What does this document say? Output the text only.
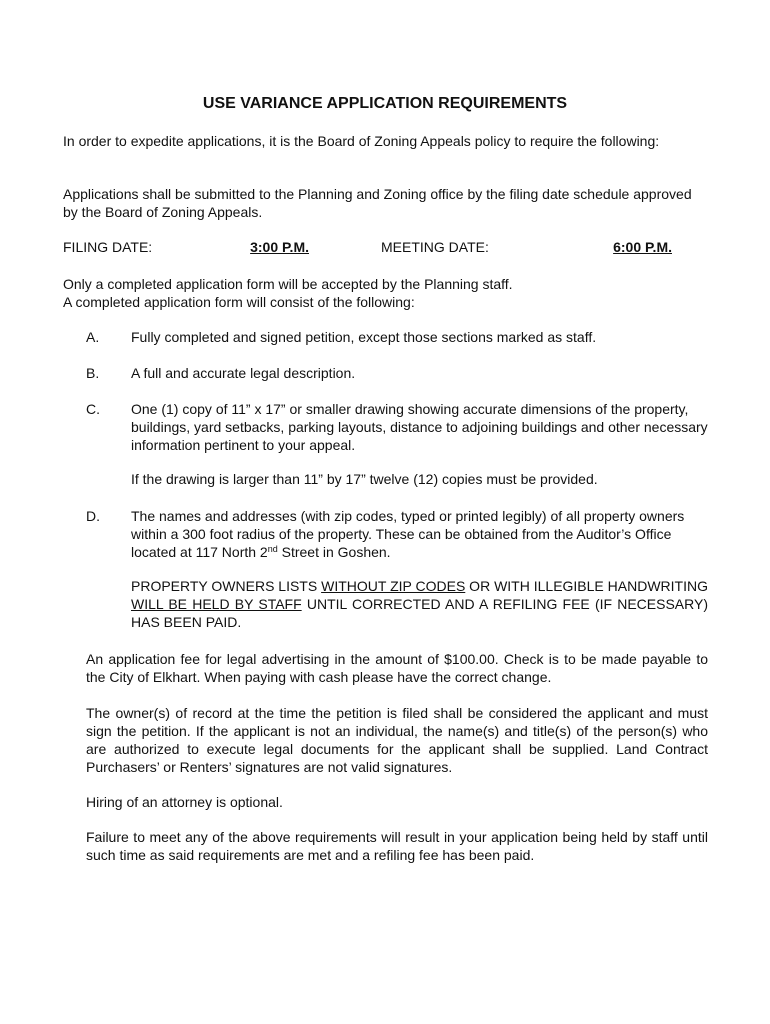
USE VARIANCE APPLICATION REQUIREMENTS

In order to expedite applications, it is the Board of Zoning Appeals policy to require the following:

Applications shall be submitted to the Planning and Zoning office by the filing date schedule approved by the Board of Zoning Appeals.

FILING DATE:	3:00 P.M.	MEETING DATE:	6:00 P.M.

Only a completed application form will be accepted by the Planning staff.

A completed application form will consist of the following:

A. Fully completed and signed petition, except those sections marked as staff.

B. A full and accurate legal description.

C. One (1) copy of 11” x 17” or smaller drawing showing accurate dimensions of the property, buildings, yard setbacks, parking layouts, distance to adjoining buildings and other necessary information pertinent to your appeal.

If the drawing is larger than 11” by 17” twelve (12) copies must be provided.

D. The names and addresses (with zip codes, typed or printed legibly) of all property owners within a 300 foot radius of the property. These can be obtained from the Auditor’s Office located at 117 North 2nd Street in Goshen.

PROPERTY OWNERS LISTS WITHOUT ZIP CODES OR WITH ILLEGIBLE HANDWRITING WILL BE HELD BY STAFF UNTIL CORRECTED AND A REFILING FEE (IF NECESSARY) HAS BEEN PAID.

An application fee for legal advertising in the amount of $100.00. Check is to be made payable to the City of Elkhart. When paying with cash please have the correct change.

The owner(s) of record at the time the petition is filed shall be considered the applicant and must sign the petition. If the applicant is not an individual, the name(s) and title(s) of the person(s) who are authorized to execute legal documents for the applicant shall be supplied. Land Contract Purchasers’ or Renters’ signatures are not valid signatures.

Hiring of an attorney is optional.

Failure to meet any of the above requirements will result in your application being held by staff until such time as said requirements are met and a refiling fee has been paid.
